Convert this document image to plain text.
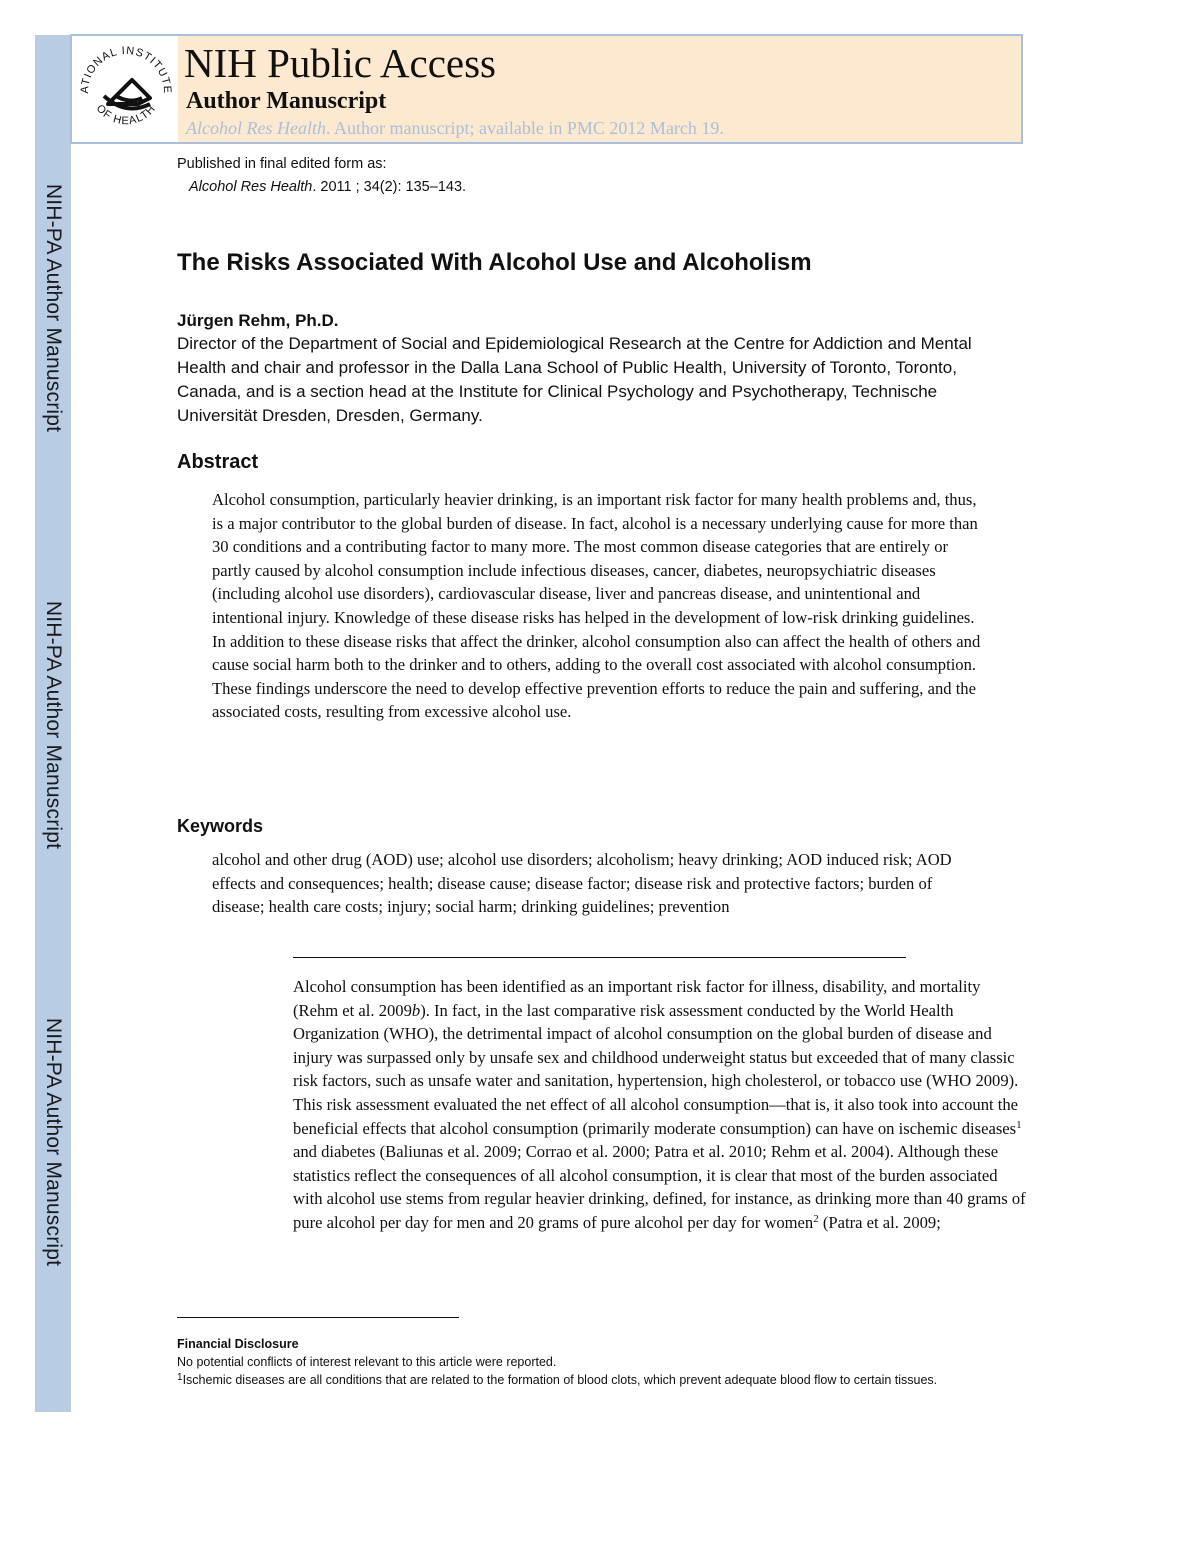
NIH-PA Author Manuscript
NIH-PA Author Manuscript
NIH-PA Author Manuscript
ATIONAL INSTITUTE
OF HEALTH
NIH Public Access
Author Manuscript
Alcohol Res Health. Author manuscript; available in PMC 2012 March 19.
Published in final edited form as:
Alcohol Res Health. 2011 ; 34(2): 135–143.
The Risks Associated With Alcohol Use and Alcoholism
Jürgen Rehm, Ph.D.
Director of the Department of Social and Epidemiological Research at the Centre for Addiction and Mental Health and chair and professor in the Dalla Lana School of Public Health, University of Toronto, Toronto, Canada, and is a section head at the Institute for Clinical Psychology and Psychotherapy, Technische Universität Dresden, Dresden, Germany.
Abstract
Alcohol consumption, particularly heavier drinking, is an important risk factor for many health problems and, thus, is a major contributor to the global burden of disease. In fact, alcohol is a necessary underlying cause for more than 30 conditions and a contributing factor to many more. The most common disease categories that are entirely or partly caused by alcohol consumption include infectious diseases, cancer, diabetes, neuropsychiatric diseases (including alcohol use disorders), cardiovascular disease, liver and pancreas disease, and unintentional and intentional injury. Knowledge of these disease risks has helped in the development of low-risk drinking guidelines. In addition to these disease risks that affect the drinker, alcohol consumption also can affect the health of others and cause social harm both to the drinker and to others, adding to the overall cost associated with alcohol consumption. These findings underscore the need to develop effective prevention efforts to reduce the pain and suffering, and the associated costs, resulting from excessive alcohol use.
Keywords
alcohol and other drug (AOD) use; alcohol use disorders; alcoholism; heavy drinking; AOD induced risk; AOD effects and consequences; health; disease cause; disease factor; disease risk and protective factors; burden of disease; health care costs; injury; social harm; drinking guidelines; prevention
Alcohol consumption has been identified as an important risk factor for illness, disability, and mortality (Rehm et al. 2009b). In fact, in the last comparative risk assessment conducted by the World Health Organization (WHO), the detrimental impact of alcohol consumption on the global burden of disease and injury was surpassed only by unsafe sex and childhood underweight status but exceeded that of many classic risk factors, such as unsafe water and sanitation, hypertension, high cholesterol, or tobacco use (WHO 2009). This risk assessment evaluated the net effect of all alcohol consumption—that is, it also took into account the beneficial effects that alcohol consumption (primarily moderate consumption) can have on ischemic diseases$^1$ and diabetes (Baliunas et al. 2009; Corrao et al. 2000; Patra et al. 2010; Rehm et al. 2004). Although these statistics reflect the consequences of all alcohol consumption, it is clear that most of the burden associated with alcohol use stems from regular heavier drinking, defined, for instance, as drinking more than 40 grams of pure alcohol per day for men and 20 grams of pure alcohol per day for women$^2$ (Patra et al. 2009;
Financial Disclosure
No potential conflicts of interest relevant to this article were reported.
$^1$Ischemic diseases are all conditions that are related to the formation of blood clots, which prevent adequate blood flow to certain tissues.
